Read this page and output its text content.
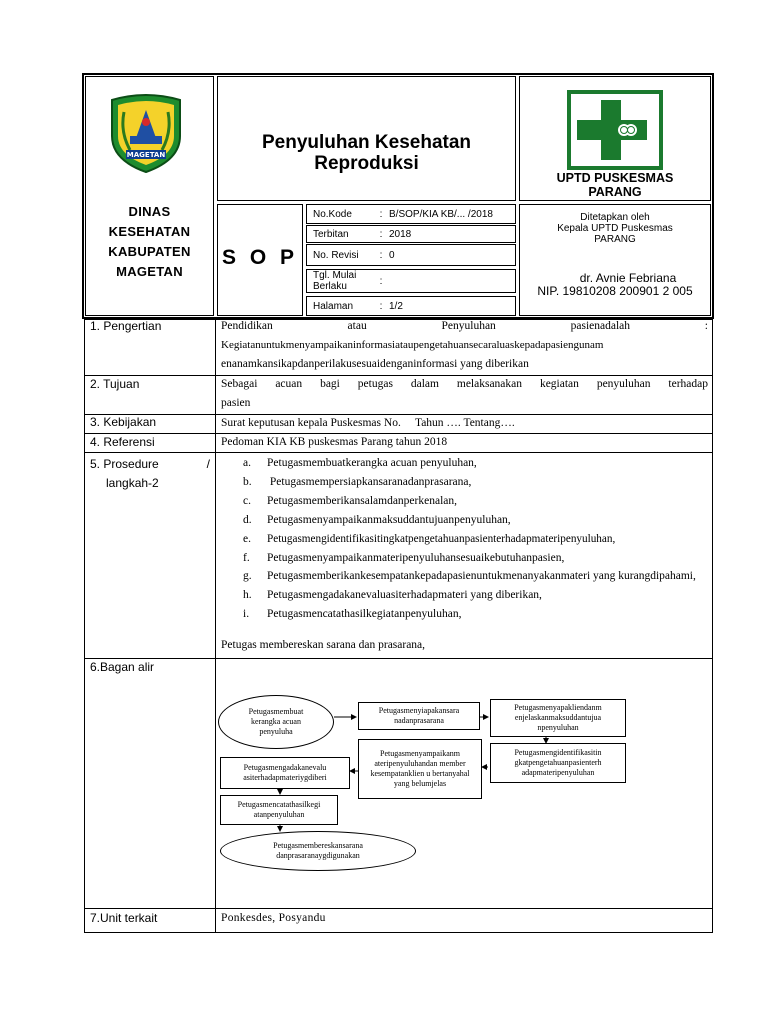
MAGETAN
DINAS
KESEHATAN
KABUPATEN
MAGETAN
Penyuluhan Kesehatan
Reproduksi
UPTD PUSKESMAS
PARANG
S O P
No.Kode	: B/SOP/KIA KB/... /2018
Terbitan	: 2018
No. Revisi	: 0
Tgl. Mulai Berlaku	:
Halaman	: 1/2
Ditetapkan oleh
Kepala UPTD Puskesmas
PARANG
dr. Avnie Febriana
NIP. 19810208 200901 2 005
1. Pengertian	Pendidikan	atau	Penyuluhan	pasienadalah	:
Kegiatanuntukmenyampaikaninformasiataupengetahuansecaraluaskepadapasiengunam
enanamkansikapdanperilakusesuaidenganinformasi yang diberikan
2. Tujuan	Sebagai acuan bagi petugas dalam melaksanakan kegiatan penyuluhan terhadap
pasien
3. Kebijakan	Surat keputusan kepala Puskesmas No.     Tahun …. Tentang….
4. Referensi	Pedoman KIA KB puskesmas Parang tahun 2018
5. Prosedure	/
langkah-2
a.	Petugasmembuatkerangka acuan penyuluhan,
b.	Petugasmempersiapkansaranadanprasarana,
c.	Petugasmemberikansalamdanperkenalan,
d.	Petugasmenyampaikanmaksuddantujuanpenyuluhan,
e.	Petugasmengidentifikasitingkatpengetahuanpasienterhadapmateripenyuluhan,
f.	Petugasmenyampaikanmateripenyuluhansesuaikebutuhanpasien,
g.	Petugasmemberikankesempatankepadapasienuntukmenanyakanmateri yang kurangdipahami,
h.	Petugasmengadakanevaluasiterhadapmateri yang diberikan,
i.	Petugasmencatathasilkegiatanpenyuluhan,
Petugas membereskan sarana dan prasarana,
6.Bagan alir
Petugasmembuat kerangka acuan penyuluha
Petugasmenyiapakansara nadanprasarana
Petugasmenyapakliendanm enjelaskanmaksuddantujua npenyuluhan
Petugasmengidentifikasitin gkatpengetahuanpasienterh adapmateripenyuluhan
Petugasmenyampaikanm ateripenyuluhandan member kesempatanklien u bertanyahal yang belumjelas
Petugasmengadakanevalu asiterhadapmateriygdiberi
Petugasmencatathasilkegi atanpenyuluhan
Petugasmembereskansarana danprasaranaygdigunakan
7.Unit terkait	Ponkesdes, Posyandu
